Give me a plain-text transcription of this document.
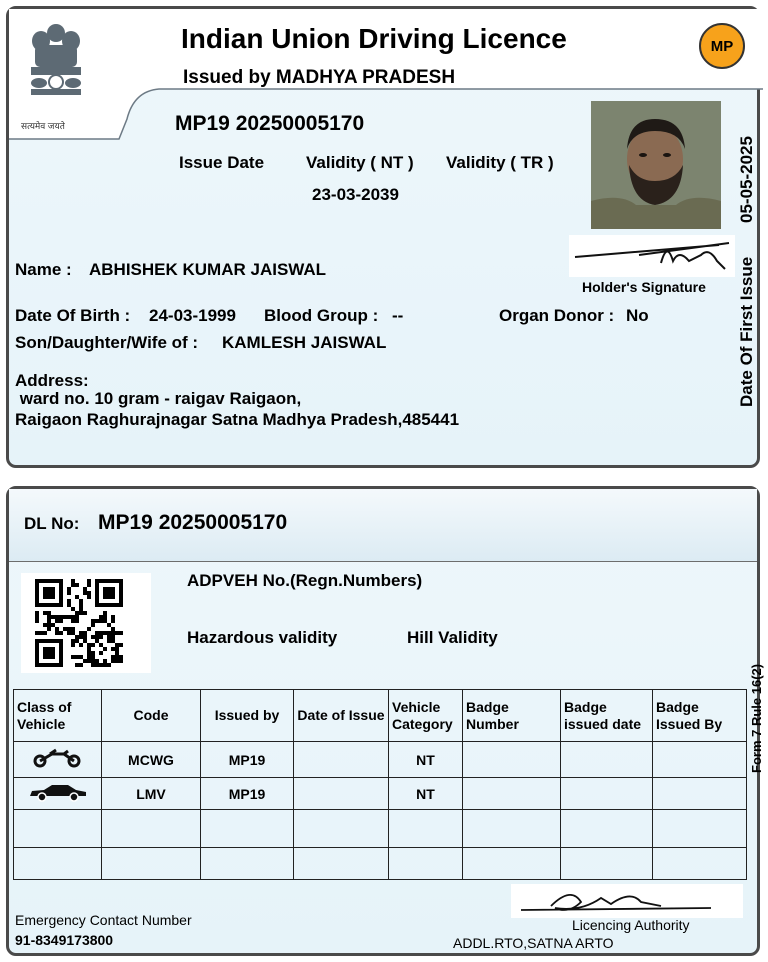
सत्यमेव जयते
Indian Union Driving Licence
Issued by MADHYA PRADESH
MP
MP19 20250005170
Issue Date Validity ( NT ) Validity ( TR )
23-03-2039
Holder's Signature Date Of First Issue
05-05-2025
Name : ABHISHEK KUMAR JAISWAL
Date Of Birth : 24-03-1999 Blood Group : --	Organ Donor : No
Son/Daughter/Wife of : KAMLESH JAISWAL
Address:
ward no. 10 gram - raigav Raigaon,
Raigaon Raghurajnagar Satna Madhya Pradesh,485441
DL No: MP19 20250005170
ADPVEH No.(Regn.Numbers)
Hazardous validity	Hill Validity
Form 7 Rule 16(2)
Class of Vehicle	Code	Issued by	Date of Issue	Vehicle Category	Badge Number	Badge issued date	Badge Issued By
	MCWG	MP19		NT			
	LMV	MP19		NT			

Emergency Contact Number
91-8349173800
Licencing Authority
ADDL.RTO,SATNA ARTO
